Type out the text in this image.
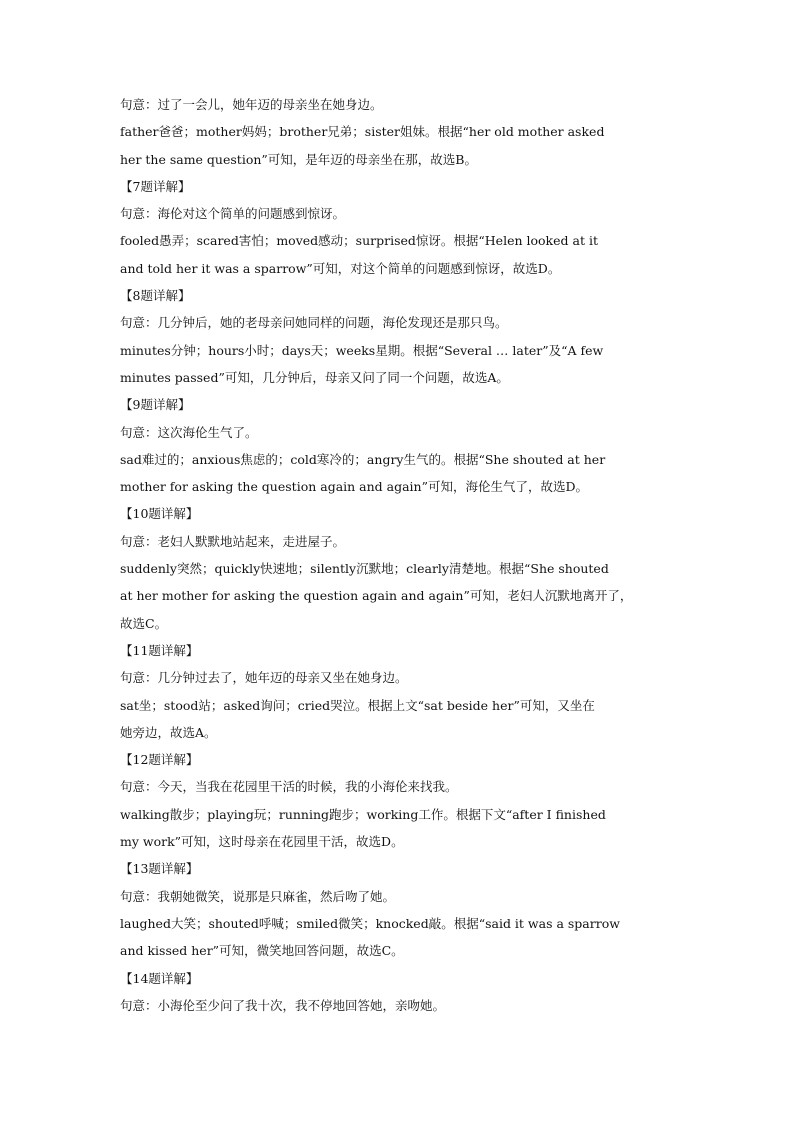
句意：过了一会儿，她年迈的母亲坐在她身边。
father爸爸；mother妈妈；brother兄弟；sister姐妹。根据“her old mother asked
her the same question”可知，是年迈的母亲坐在那，故选B。
【7题详解】
句意：海伦对这个简单的问题感到惊讶。
fooled愚弄；scared害怕；moved感动；surprised惊讶。根据“Helen looked at it
and told her it was a sparrow”可知，对这个简单的问题感到惊讶，故选D。
【8题详解】
句意：几分钟后，她的老母亲问她同样的问题，海伦发现还是那只鸟。
minutes分钟；hours小时；days天；weeks星期。根据“Several … later”及“A few
minutes passed”可知，几分钟后，母亲又问了同一个问题，故选A。
【9题详解】
句意：这次海伦生气了。
sad难过的；anxious焦虑的；cold寒冷的；angry生气的。根据“She shouted at her
mother for asking the question again and again”可知，海伦生气了，故选D。
【10题详解】
句意：老妇人默默地站起来，走进屋子。
suddenly突然；quickly快速地；silently沉默地；clearly清楚地。根据“She shouted
at her mother for asking the question again and again”可知，老妇人沉默地离开了，
故选C。
【11题详解】
句意：几分钟过去了，她年迈的母亲又坐在她身边。
sat坐；stood站；asked询问；cried哭泣。根据上文“sat beside her”可知，又坐在
她旁边，故选A。
【12题详解】
句意：今天，当我在花园里干活的时候，我的小海伦来找我。
walking散步；playing玩；running跑步；working工作。根据下文“after I finished
my work”可知，这时母亲在花园里干活，故选D。
【13题详解】
句意：我朝她微笑，说那是只麻雀，然后吻了她。
laughed大笑；shouted呼喊；smiled微笑；knocked敲。根据“said it was a sparrow
and kissed her”可知，微笑地回答问题，故选C。
【14题详解】
句意：小海伦至少问了我十次，我不停地回答她，亲吻她。
